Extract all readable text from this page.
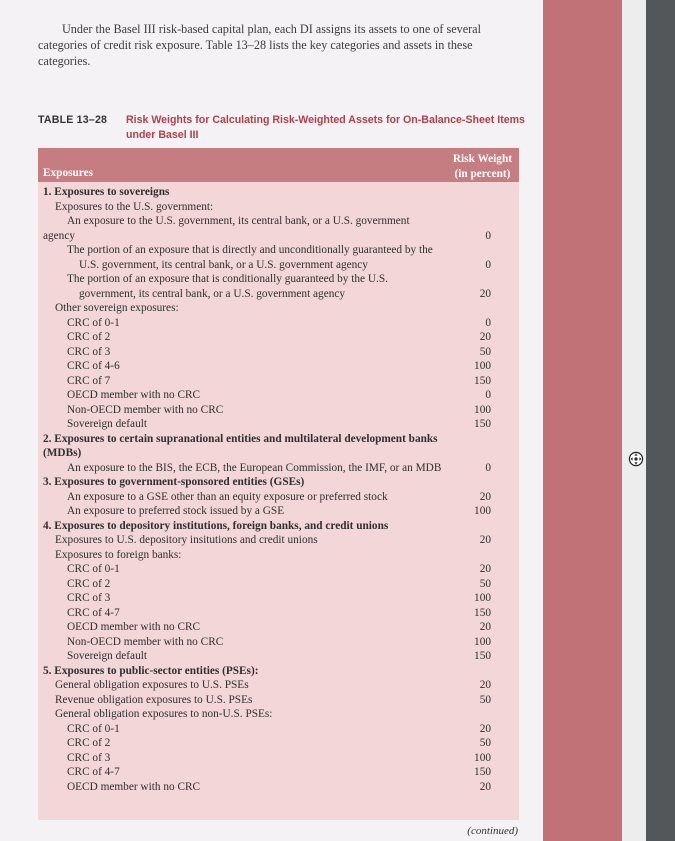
Under the Basel III risk-based capital plan, each DI assigns its assets to one of several categories of credit risk exposure. Table 13–28 lists the key categories and assets in these categories.

TABLE 13–28 Risk Weights for Calculating Risk-Weighted Assets for On-Balance-Sheet Items under Basel III
Exposures
Risk Weight
(in percent)
1. Exposures to sovereigns
Exposures to the U.S. government:
An exposure to the U.S. government, its central bank, or a U.S. government agency	0
The portion of an exposure that is directly and unconditionally guaranteed by the U.S. government, its central bank, or a U.S. government agency	0
The portion of an exposure that is conditionally guaranteed by the U.S. government, its central bank, or a U.S. government agency	20
Other sovereign exposures:
CRC of 0-1	0
CRC of 2	20
CRC of 3	50
CRC of 4-6	100
CRC of 7	150
OECD member with no CRC	0
Non-OECD member with no CRC	100
Sovereign default	150
2. Exposures to certain supranational entities and multilateral development banks (MDBs)
An exposure to the BIS, the ECB, the European Commission, the IMF, or an MDB	0
3. Exposures to government-sponsored entities (GSEs)
An exposure to a GSE other than an equity exposure or preferred stock	20
An exposure to preferred stock issued by a GSE	100
4. Exposures to depository institutions, foreign banks, and credit unions
Exposures to U.S. depository insitutions and credit unions	20
Exposures to foreign banks:
CRC of 0-1	20
CRC of 2	50
CRC of 3	100
CRC of 4-7	150
OECD member with no CRC	20
Non-OECD member with no CRC	100
Sovereign default	150
5. Exposures to public-sector entities (PSEs):
General obligation exposures to U.S. PSEs	20
Revenue obligation exposures to U.S. PSEs	50
General obligation exposures to non-U.S. PSEs:
CRC of 0-1	20
CRC of 2	50
CRC of 3	100
CRC of 4-7	150
OECD member with no CRC	20
(continued)
